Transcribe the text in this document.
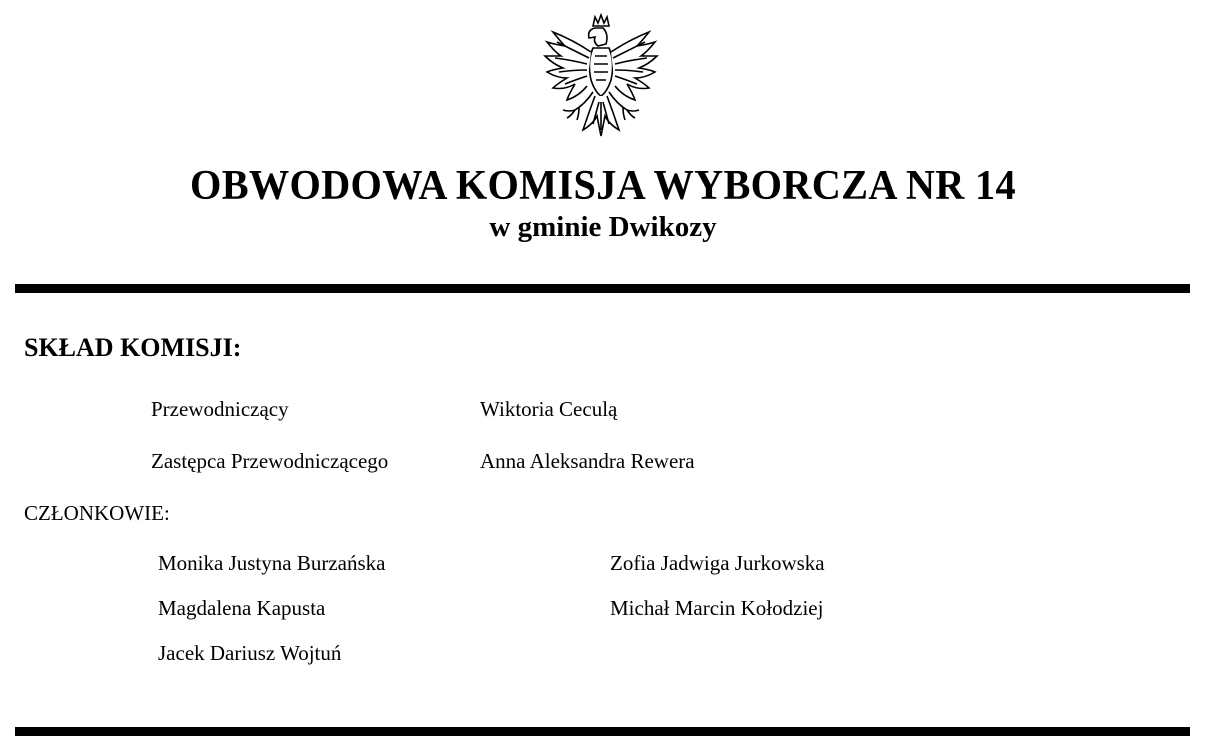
OBWODOWA KOMISJA WYBORCZA NR 14
w gminie Dwikozy
SKŁAD KOMISJI:
Przewodniczący	Wiktoria Ceculą
Zastępca Przewodniczącego	Anna Aleksandra Rewera
CZŁONKOWIE:
Monika Justyna Burzańska
Magdalena Kapusta
Jacek Dariusz Wojtuń
Zofia Jadwiga Jurkowska
Michał Marcin Kołodziej
